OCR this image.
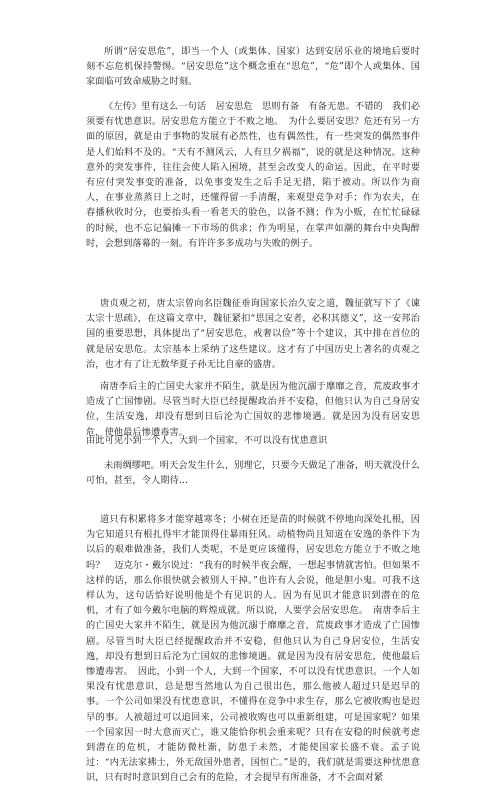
所谓“居安思危”，即当一个人（或集体、国家）达到安居乐业的境地后要时刻不忘危机保持警惕。“居安思危”这个概念重在“思危”，“危”即个人或集体、国家面临可致命威胁之时刻。

《左传》里有这么一句话　居安思危　思则有备　有备无患。不错的　我们必须要有忧患意识。居安思危方能立于不败之地。　为什么要居安思？危还有另一方面的原因，就是由于事物的发展有必然性，也有偶然性，有一些突发的偶然事件是人们始料不及的。“天有不测风云，人有旦夕祸福”，说的就是这种情况。这种意外的突发事件，往往会使人陷入困境，甚至会改变人的命运。因此，在平时要有应付突发事变的准备，以免事变发生之后手足无措，陷于被动。所以作为商人，在事业蒸蒸日上之时，还懂得留一手清醒，来观望竞争对手；作为农夫，在春播秋收时分，也要抬头看一看老天的脸色，以备不测；作为小贩，在忙忙碌碌的时候，也不忘记偏摊一下市场的供求；作为明星，在掌声如潮的舞台中央陶醉时，会想到落幕的一刻。有许许多多成功与失败的例子。

唐贞观之初，唐太宗曾向名臣魏征垂询国家长治久安之道，魏征就写下了《谏太宗十思疏》，在这篇文章中，魏征紧扣“思国之安者，必积其德义”，这一安邦治国的重要思想，具体提出了“居安思危，戒奢以俭”等十个建议，其中排在首位的就是居安思危。太宗基本上采纳了这些建议。这才有了中国历史上著名的贞观之治，也才有了让无数华夏子孙无比自豪的盛唐。

南唐李后主的亡国史大家并不陌生，就是因为他沉溺于靡靡之音，荒废政事才造成了亡国惨剧。尽管当时大臣已经提醒政治并不安稳，但他只认为自己身居安位，生活安逸，却没有想到日后沦为亡国奴的悲惨境遇。就是因为没有居安思危，使他最后惨遭毒害。

由此可见小到一个人，大到一个国家，不可以没有忧患意识

未雨绸缪吧。明天会发生什么，别理它，只要今天做足了准备，明天就没什么可怕，甚至，令人期待…

道只有积累将多才能穿越寒冬；小树在还是苗的时候就不停地向深处扎根，因为它知道只有根扎得牢才能顶得住暴雨狂风。动植物尚且知道在安逸的条件下为以后的艰难做准备，我们人类呢，不是更应该懂得，居安思危方能立于不败之地吗？　迈克尔・戴尔说过：“我有的时候半夜会醒，一想起事情就害怕。但如果不这样的话，那么你很快就会被别人干掉。”也许有人会说，他是胆小鬼。可我不这样认为，这句话恰好说明他是个有见识的人。因为有见识才能意识到潜在的危机，才有了如今戴尔电脑的辉煌成就。所以说，人要学会居安思危。　南唐李后主的亡国史大家并不陌生，就是因为他沉溺于靡靡之音，荒废政事才造成了亡国惨剧。尽管当时大臣已经提醒政治并不安稳，但他只认为自己身居安位，生活安逸，却没有想到日后沦为亡国奴的悲惨境遇。就是因为没有居安思危，使他最后惨遭毒害。　因此，小到一个人，大到一个国家，不可以没有忧患意识。一个人如果没有忧患意识，总是想当然地认为自己很出色，那么他被人超过只是迟早的事。一个公司如果没有忧患意识，不懂得在竞争中求生存，那么它被收购也是迟早的事。人被超过可以追回来，公司被收购也可以重新组建，可是国家呢？如果一个国家因一时大意而灭亡，谁又能恰你机会重来呢？只有在安稳的时候就考虑到潜在的危机，才能防微杜渐，防患于未然，才能使国家长盛不衰。孟子说过：“内无法家拂士，外无敌国外患者，国恒亡。”是的，我们就是需要这种忧患意识，只有时时意识到自己会有的危险，才会提早有所准备，才不会面对紧
